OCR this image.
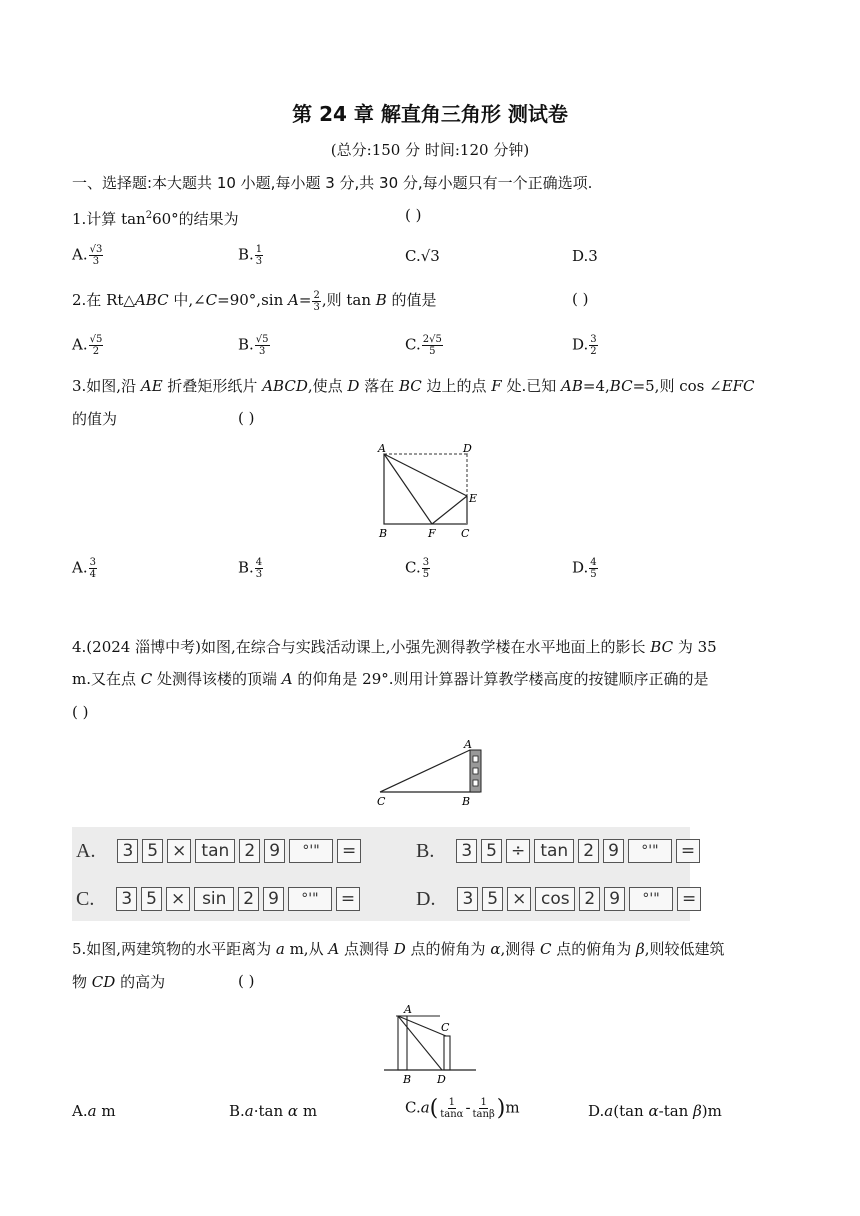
第 24 章 解直角三角形 测试卷
(总分:150 分 时间:120 分钟)
一、选择题:本大题共 10 小题,每小题 3 分,共 30 分,每小题只有一个正确选项.
1.计算 $\tan^260^\circ$的结果为	( )
A. $\frac{√3}{3}$	B. $\frac{1}{3}$	C.√3	D.3
2.在 Rt△ABC 中,∠C=90°,sin $A= \frac{2}{3}$ ,则 tan B 的值是	( )
A. $\frac{√5}{2}$	B. $\frac{√5}{3}$	C. $\frac{2√5}{5}$	D. $\frac{3}{2}$
3.如图,沿 AE 折叠矩形纸片 ABCD,使点 D 落在 BC 边上的点 F 处.已知 AB=4,BC=5,则 cos ∠EFC
的值为	( )
A	D
E
B	F C
A. $\frac{3}{4}$	B. $\frac{4}{3}$	C. $\frac{3}{5}$	D. $\frac{4}{5}$
4.(2024 淄博中考)如图,在综合与实践活动课上,小强先测得教学楼在水平地面上的影长 BC 为 35
m.又在点 C 处测得该楼的顶端 A 的仰角是 29°.则用计算器计算教学楼高度的按键顺序正确的是
( )
A
C	B
A. 3 5 × tan 2 9	°'"	=	B. 3 5 ÷ tan 2 9	°'"	=
C. 3 5 × sin 2 9	°'"	=	D. 3 5 × cos 2 9	°'"	=
5.如图,两建筑物的水平距离为 a m,从 A 点测得 D 点的俯角为 α,测得 C 点的俯角为 β,则较低建筑
物 CD 的高为	( )
A
C
B D
A.a m	B.a·tan α m	$C.a( \frac{1}{\tan\alpha} - \frac{1}{\tan\beta} )m$	D.a(tan α-tan β)m
